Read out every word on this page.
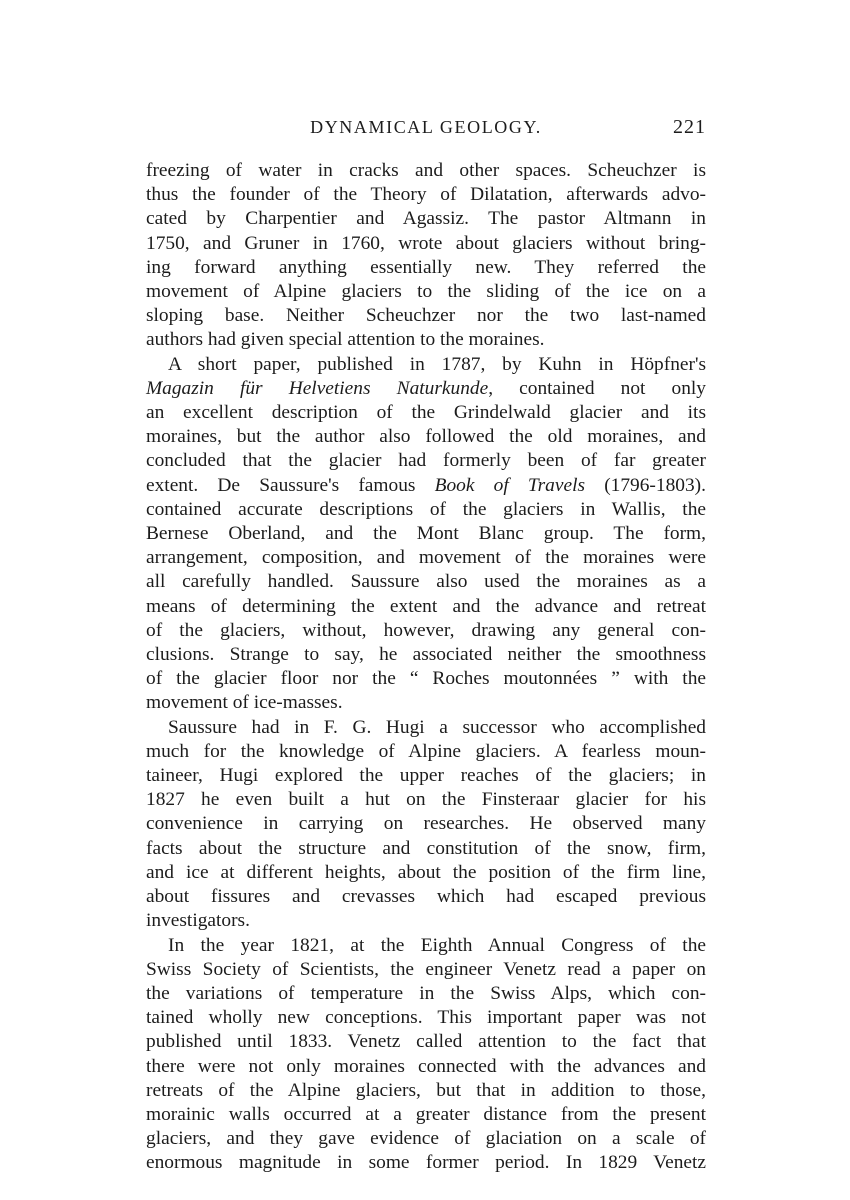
DYNAMICAL GEOLOGY.	221

freezing of water in cracks and other spaces. Scheuchzer is
thus the founder of the Theory of Dilatation, afterwards advo-
cated by Charpentier and Agassiz. The pastor Altmann in
1750, and Gruner in 1760, wrote about glaciers without bring-
ing forward anything essentially new. They referred the
movement of Alpine glaciers to the sliding of the ice on a
sloping base. Neither Scheuchzer nor the two last-named
authors had given special attention to the moraines.

A short paper, published in 1787, by Kuhn in Höpfner's
Magazin für Helvetiens Naturkunde, contained not only
an excellent description of the Grindelwald glacier and its
moraines, but the author also followed the old moraines, and
concluded that the glacier had formerly been of far greater
extent. De Saussure's famous Book of Travels (1796-1803).
contained accurate descriptions of the glaciers in Wallis, the
Bernese Oberland, and the Mont Blanc group. The form,
arrangement, composition, and movement of the moraines were
all carefully handled. Saussure also used the moraines as a
means of determining the extent and the advance and retreat
of the glaciers, without, however, drawing any general con-
clusions. Strange to say, he associated neither the smoothness
of the glacier floor nor the “ Roches moutonnées ” with the
movement of ice-masses.

Saussure had in F. G. Hugi a successor who accomplished
much for the knowledge of Alpine glaciers. A fearless moun-
taineer, Hugi explored the upper reaches of the glaciers; in
1827 he even built a hut on the Finsteraar glacier for his
convenience in carrying on researches. He observed many
facts about the structure and constitution of the snow, firm,
and ice at different heights, about the position of the firm line,
about fissures and crevasses which had escaped previous
investigators.

In the year 1821, at the Eighth Annual Congress of the
Swiss Society of Scientists, the engineer Venetz read a paper on
the variations of temperature in the Swiss Alps, which con-
tained wholly new conceptions. This important paper was not
published until 1833. Venetz called attention to the fact that
there were not only moraines connected with the advances and
retreats of the Alpine glaciers, but that in addition to those,
morainic walls occurred at a greater distance from the present
glaciers, and they gave evidence of glaciation on a scale of
enormous magnitude in some former period. In 1829 Venetz
